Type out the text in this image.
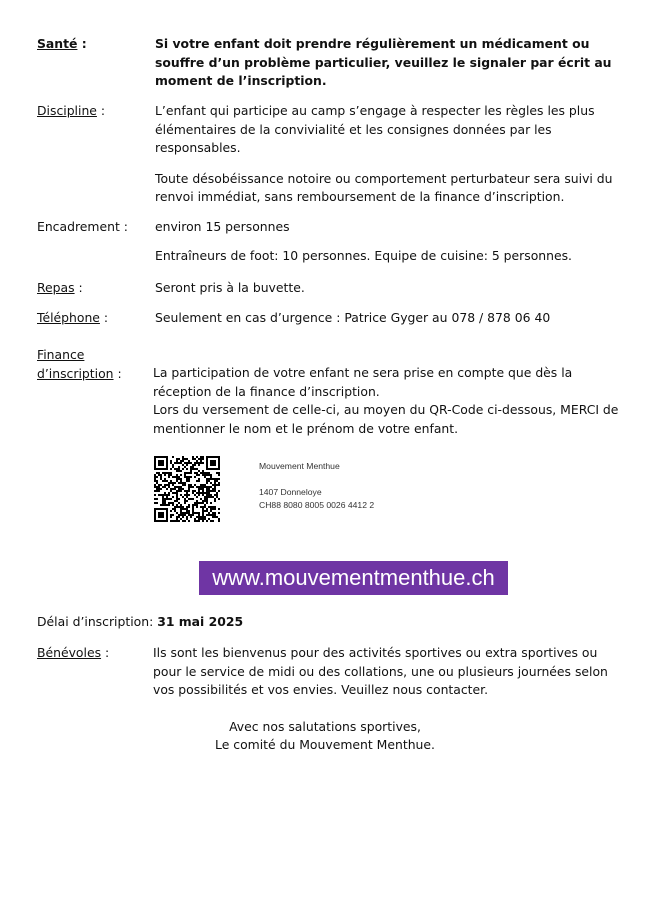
Santé :	Si votre enfant doit prendre régulièrement un médicament ou souffre d’un problème particulier, veuillez le signaler par écrit au moment de l’inscription.
Discipline :	L’enfant qui participe au camp s’engage à respecter les règles les plus élémentaires de la convivialité et les consignes données par les responsables.

Toute désobéissance notoire ou comportement perturbateur sera suivi du renvoi immédiat, sans remboursement de la finance d’inscription.

Encadrement : environ 15 personnes
Entraîneurs de foot: 10 personnes. Equipe de cuisine: 5 personnes.
Repas :	Seront pris à la buvette.
Téléphone :	Seulement en cas d’urgence : Patrice Gyger au 078 / 878 06 40
Finance
d’inscription :	La participation de votre enfant ne sera prise en compte que dès la réception de la finance d’inscription.

Lors du versement de celle-ci, au moyen du QR-Code ci-dessous, MERCI de mentionner le nom et le prénom de votre enfant.

Mouvement Menthue
1407 Donneloye
CH88 8080 8005 0026 4412 2
www.mouvementmenthue.ch
Délai d’inscription: 31 mai 2025
Bénévoles :	Ils sont les bienvenus pour des activités sportives ou extra sportives ou pour le service de midi ou des collations, une ou plusieurs journées selon vos possibilités et vos envies. Veuillez nous contacter.
Avec nos salutations sportives,
Le comité du Mouvement Menthue.
